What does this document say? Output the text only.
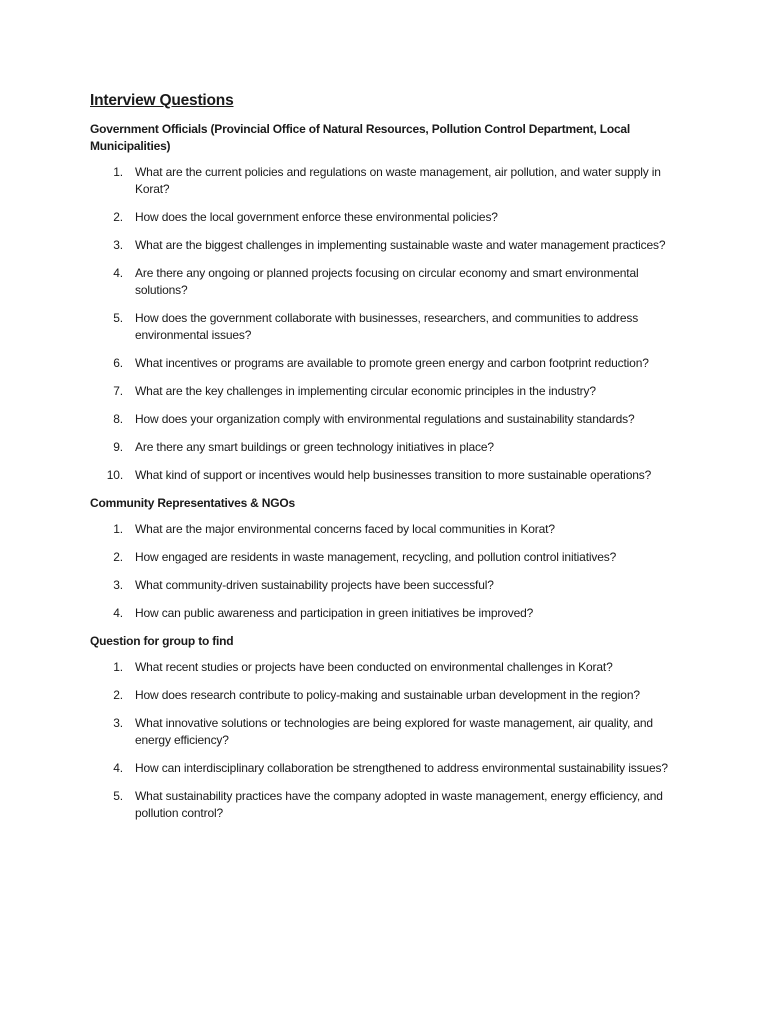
Interview Questions
Government Officials (Provincial Office of Natural Resources, Pollution Control Department, Local Municipalities)
1. What are the current policies and regulations on waste management, air pollution, and water supply in Korat?
2. How does the local government enforce these environmental policies?
3. What are the biggest challenges in implementing sustainable waste and water management practices?
4. Are there any ongoing or planned projects focusing on circular economy and smart environmental solutions?
5. How does the government collaborate with businesses, researchers, and communities to address environmental issues?
6. What incentives or programs are available to promote green energy and carbon footprint reduction?
7. What are the key challenges in implementing circular economic principles in the industry?
8. How does your organization comply with environmental regulations and sustainability standards?
9. Are there any smart buildings or green technology initiatives in place?
10. What kind of support or incentives would help businesses transition to more sustainable operations?
Community Representatives & NGOs
1. What are the major environmental concerns faced by local communities in Korat?
2. How engaged are residents in waste management, recycling, and pollution control initiatives?
3. What community-driven sustainability projects have been successful?
4. How can public awareness and participation in green initiatives be improved?
Question for group to find
1. What recent studies or projects have been conducted on environmental challenges in Korat?
2. How does research contribute to policy-making and sustainable urban development in the region?
3. What innovative solutions or technologies are being explored for waste management, air quality, and energy efficiency?
4. How can interdisciplinary collaboration be strengthened to address environmental sustainability issues?
5. What sustainability practices have the company adopted in waste management, energy efficiency, and pollution control?
